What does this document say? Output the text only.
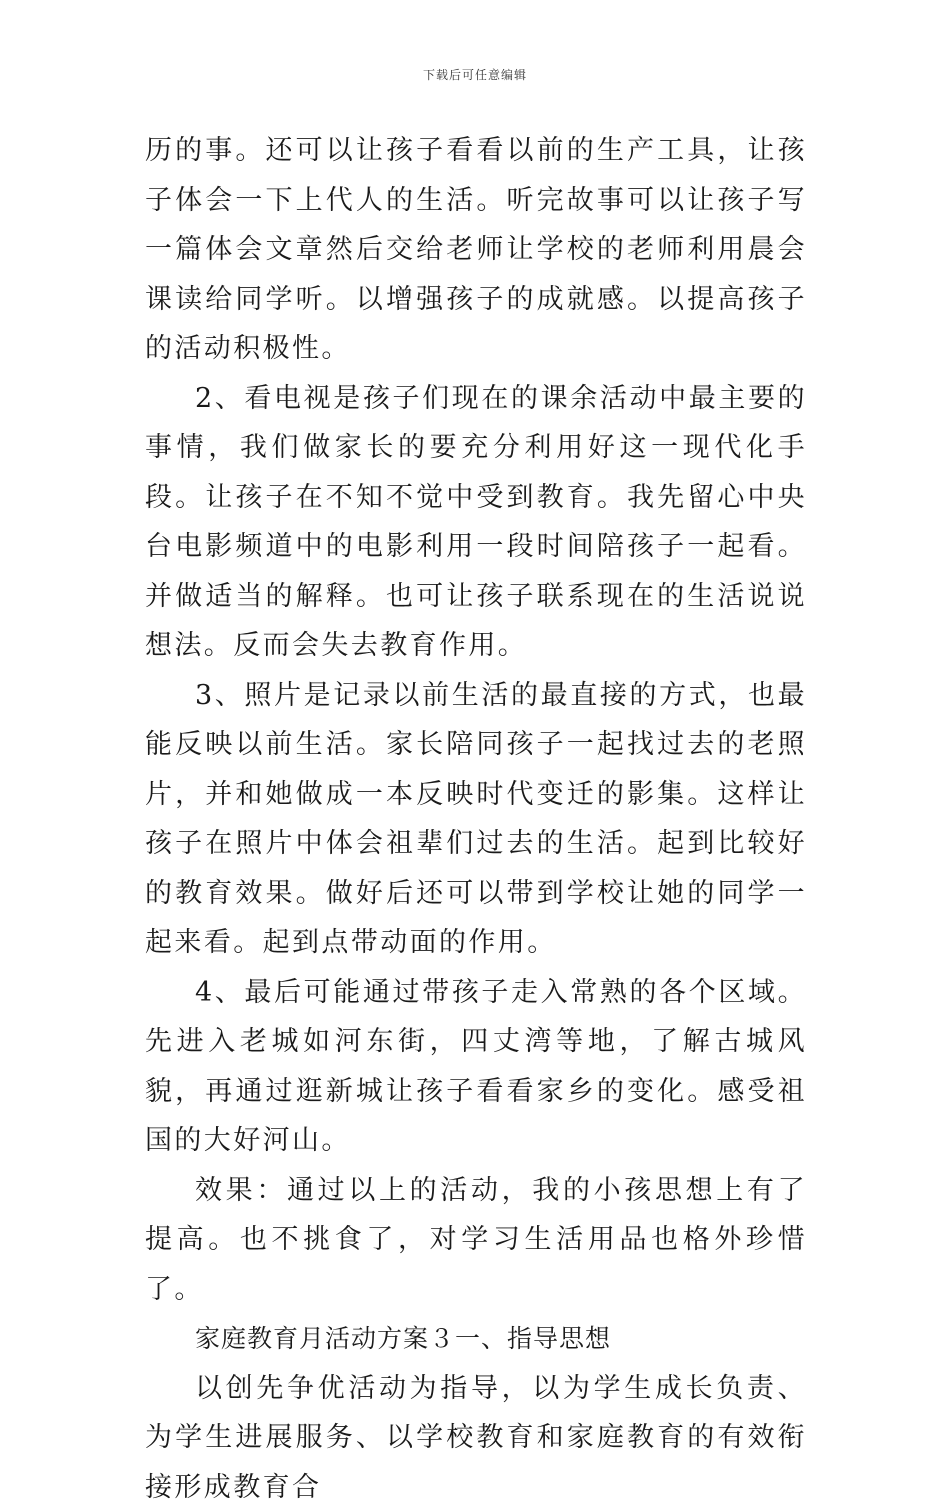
下载后可任意编辑

历的事。还可以让孩子看看以前的生产工具，让孩子体会一下上代人的生活。听完故事可以让孩子写一篇体会文章然后交给老师让学校的老师利用晨会课读给同学听。以增强孩子的成就感。以提高孩子的活动积极性。

2、看电视是孩子们现在的课余活动中最主要的事情，我们做家长的要充分利用好这一现代化手段。让孩子在不知不觉中受到教育。我先留心中央台电影频道中的电影利用一段时间陪孩子一起看。并做适当的解释。也可让孩子联系现在的生活说说想法。反而会失去教育作用。

3、照片是记录以前生活的最直接的方式，也最能反映以前生活。家长陪同孩子一起找过去的老照片，并和她做成一本反映时代变迁的影集。这样让孩子在照片中体会祖辈们过去的生活。起到比较好的教育效果。做好后还可以带到学校让她的同学一起来看。起到点带动面的作用。

4、最后可能通过带孩子走入常熟的各个区域。先进入老城如河东街，四丈湾等地，了解古城风貌，再通过逛新城让孩子看看家乡的变化。感受祖国的大好河山。

效果：通过以上的活动，我的小孩思想上有了提高。也不挑食了，对学习生活用品也格外珍惜了。

家庭教育月活动方案３一、指导思想

以创先争优活动为指导，以为学生成长负责、为学生进展服务、以学校教育和家庭教育的有效衔接形成教育合
